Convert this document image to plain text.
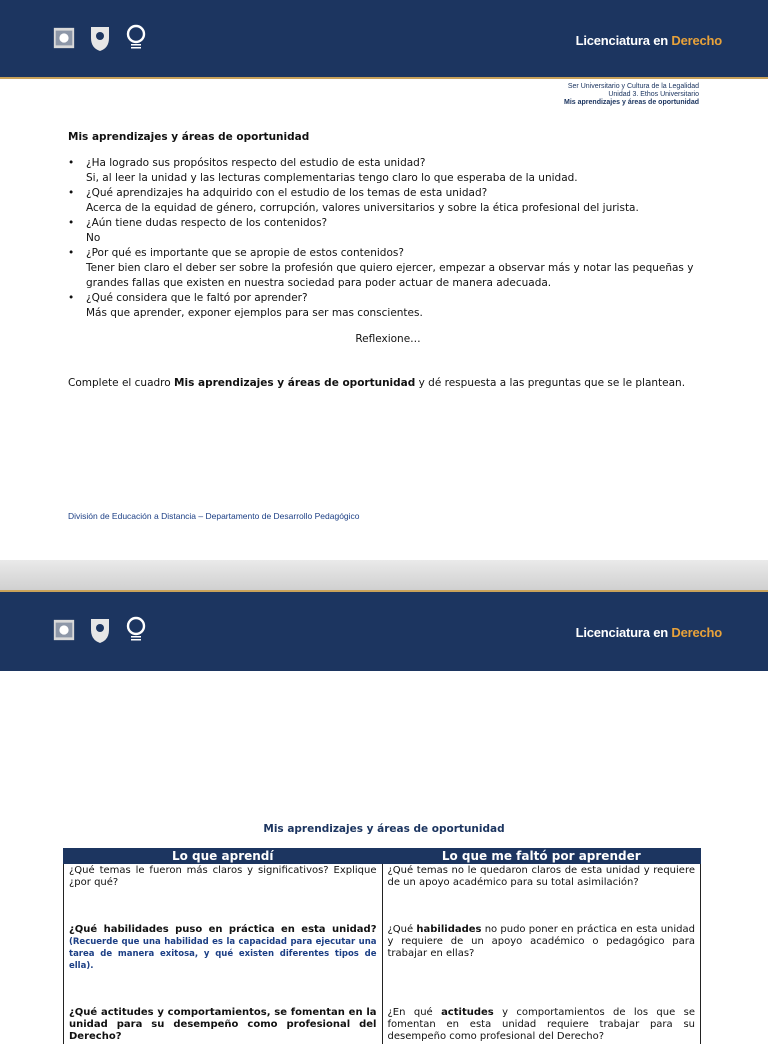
Licenciatura en Derecho
Ser Universitario y Cultura de la Legalidad
Unidad 3. Ethos Universitario
Mis aprendizajes y áreas de oportunidad
Mis aprendizajes y áreas de oportunidad
• ¿Ha logrado sus propósitos respecto del estudio de esta unidad?
Si, al leer la unidad y las lecturas complementarias tengo claro lo que esperaba de la unidad.
• ¿Qué aprendizajes ha adquirido con el estudio de los temas de esta unidad?
Acerca de la equidad de género, corrupción, valores universitarios y sobre la ética profesional del jurista.
• ¿Aún tiene dudas respecto de los contenidos?
No
• ¿Por qué es importante que se apropie de estos contenidos?
Tener bien claro el deber ser sobre la profesión que quiero ejercer, empezar a observar más y notar las pequeñas y grandes fallas que existen en nuestra sociedad para poder actuar de manera adecuada.
• ¿Qué considera que le faltó por aprender?
Más que aprender, exponer ejemplos para ser mas conscientes.
Reflexione…
Complete el cuadro Mis aprendizajes y áreas de oportunidad y dé respuesta a las preguntas que se le plantean.
División de Educación a Distancia – Departamento de Desarrollo Pedagógico
Licenciatura en Derecho
Mis aprendizajes y áreas de oportunidad
Lo que aprendí	Lo que me faltó por aprender
¿Qué temas le fueron más claros y significativos? Explique ¿por qué?	¿Qué temas no le quedaron claros de esta unidad y requiere de un apoyo académico para su total asimilación?

¿Qué habilidades puso en práctica en esta unidad? (Recuerde que una habilidad es la capacidad para ejecutar una tarea de manera exitosa, y qué existen diferentes tipos de ella).	¿Qué habilidades no pudo poner en práctica en esta unidad y requiere de un apoyo académico o pedagógico para trabajar en ellas?

¿Qué actitudes y comportamientos, se fomentan en la unidad para su desempeño como profesional del Derecho?	¿En qué actitudes y comportamientos de los que se fomentan en esta unidad requiere trabajar para su desempeño como profesional del Derecho?
